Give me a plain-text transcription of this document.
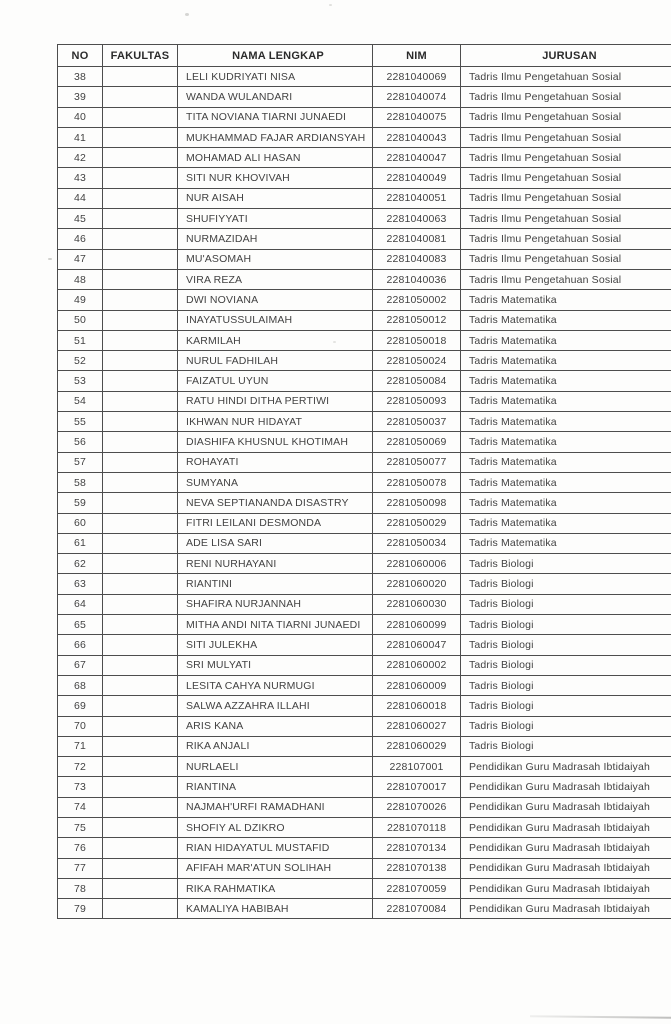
NO	FAKULTAS	NAMA LENGKAP	NIM	JURUSAN
38		LELI KUDRIYATI NISA	2281040069	Tadris Ilmu Pengetahuan Sosial
39		WANDA WULANDARI	2281040074	Tadris Ilmu Pengetahuan Sosial
40		TITA NOVIANA TIARNI JUNAEDI	2281040075	Tadris Ilmu Pengetahuan Sosial
41		MUKHAMMAD FAJAR ARDIANSYAH	2281040043	Tadris Ilmu Pengetahuan Sosial
42		MOHAMAD ALI HASAN	2281040047	Tadris Ilmu Pengetahuan Sosial
43		SITI NUR KHOVIVAH	2281040049	Tadris Ilmu Pengetahuan Sosial
44		NUR AISAH	2281040051	Tadris Ilmu Pengetahuan Sosial
45		SHUFIYYATI	2281040063	Tadris Ilmu Pengetahuan Sosial
46		NURMAZIDAH	2281040081	Tadris Ilmu Pengetahuan Sosial
47		MU'ASOMAH	2281040083	Tadris Ilmu Pengetahuan Sosial
48		VIRA REZA	2281040036	Tadris Ilmu Pengetahuan Sosial
49		DWI NOVIANA	2281050002	Tadris Matematika
50		INAYATUSSULAIMAH	2281050012	Tadris Matematika
51		KARMILAH	2281050018	Tadris Matematika
52		NURUL FADHILAH	2281050024	Tadris Matematika
53		FAIZATUL UYUN	2281050084	Tadris Matematika
54		RATU HINDI DITHA PERTIWI	2281050093	Tadris Matematika
55		IKHWAN NUR HIDAYAT	2281050037	Tadris Matematika
56		DIASHIFA KHUSNUL KHOTIMAH	2281050069	Tadris Matematika
57		ROHAYATI	2281050077	Tadris Matematika
58		SUMYANA	2281050078	Tadris Matematika
59		NEVA SEPTIANANDA DISASTRY	2281050098	Tadris Matematika
60		FITRI LEILANI DESMONDA	2281050029	Tadris Matematika
61		ADE LISA SARI	2281050034	Tadris Matematika
62		RENI NURHAYANI	2281060006	Tadris Biologi
63		RIANTINI	2281060020	Tadris Biologi
64		SHAFIRA NURJANNAH	2281060030	Tadris Biologi
65		MITHA ANDI NITA TIARNI JUNAEDI	2281060099	Tadris Biologi
66		SITI JULEKHA	2281060047	Tadris Biologi
67		SRI MULYATI	2281060002	Tadris Biologi
68		LESITA CAHYA NURMUGI	2281060009	Tadris Biologi
69		SALWA AZZAHRA ILLAHI	2281060018	Tadris Biologi
70		ARIS KANA	2281060027	Tadris Biologi
71		RIKA ANJALI	2281060029	Tadris Biologi
72		NURLAELI	228107001	Pendidikan Guru Madrasah Ibtidaiyah
73		RIANTINA	2281070017	Pendidikan Guru Madrasah Ibtidaiyah
74		NAJMAH'URFI RAMADHANI	2281070026	Pendidikan Guru Madrasah Ibtidaiyah
75		SHOFIY AL DZIKRO	2281070118	Pendidikan Guru Madrasah Ibtidaiyah
76		RIAN HIDAYATUL MUSTAFID	2281070134	Pendidikan Guru Madrasah Ibtidaiyah
77		AFIFAH MAR'ATUN SOLIHAH	2281070138	Pendidikan Guru Madrasah Ibtidaiyah
78		RIKA RAHMATIKA	2281070059	Pendidikan Guru Madrasah Ibtidaiyah
79		KAMALIYA HABIBAH	2281070084	Pendidikan Guru Madrasah Ibtidaiyah
